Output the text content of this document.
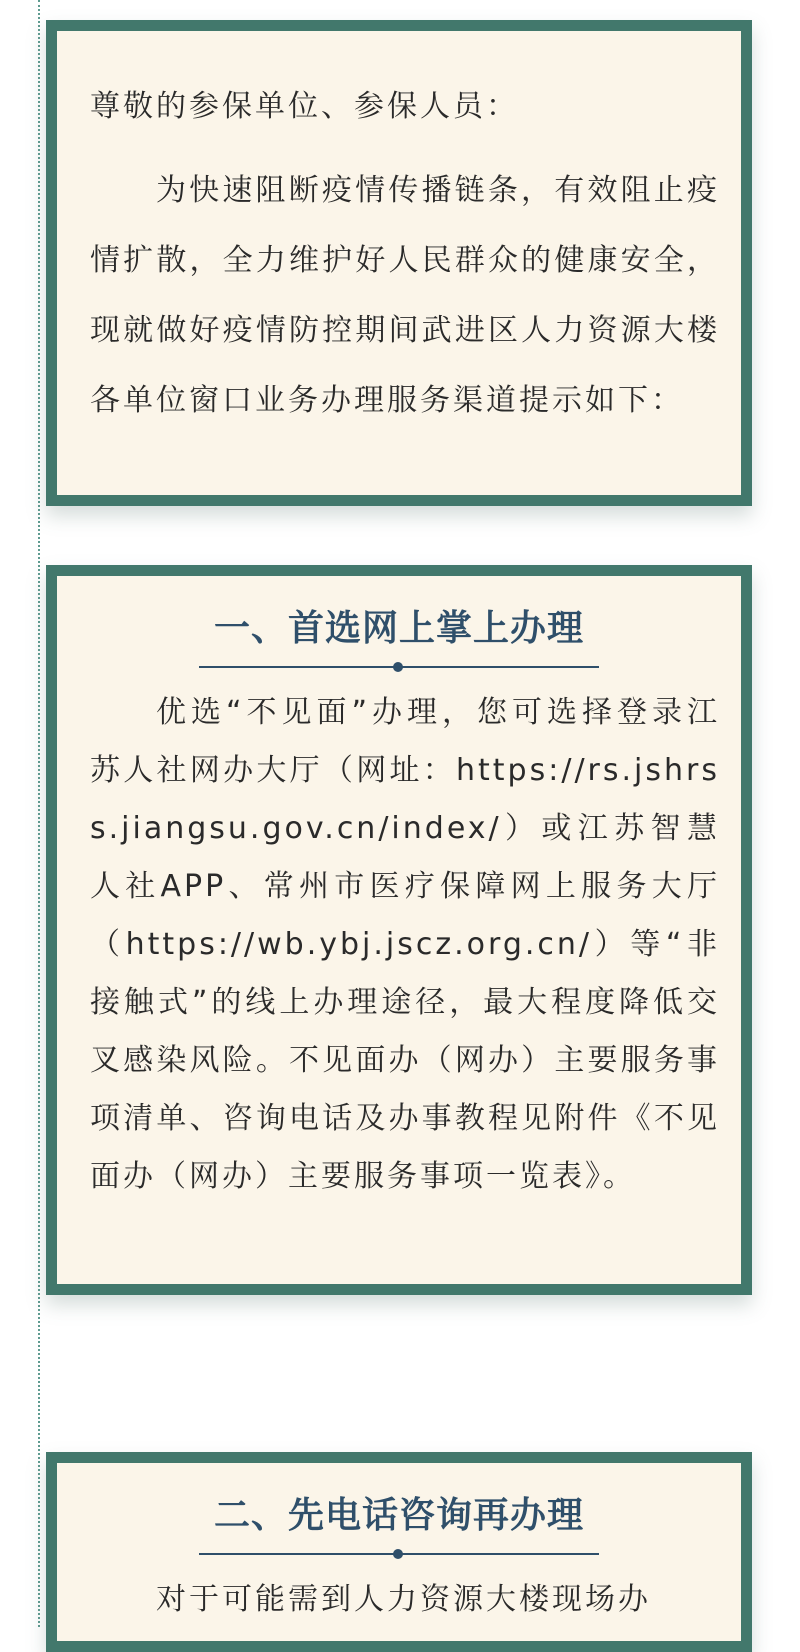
尊敬的参保单位、参保人员：

为快速阻断疫情传播链条，有效阻止疫情扩散，全力维护好人民群众的健康安全，现就做好疫情防控期间武进区人力资源大楼各单位窗口业务办理服务渠道提示如下：

一、首选网上掌上办理

优选“不见面”办理，您可选择登录江苏人社网办大厅（网址：https://rs.jshrss.jiangsu.gov.cn/index/）或江苏智慧人社APP、常州市医疗保障网上服务大厅（https://wb.ybj.jscz.org.cn/）等“非接触式”的线上办理途径，最大程度降低交叉感染风险。不见面办（网办）主要服务事项清单、咨询电话及办事教程见附件《不见面办（网办）主要服务事项一览表》。

二、先电话咨询再办理

对于可能需到人力资源大楼现场办
